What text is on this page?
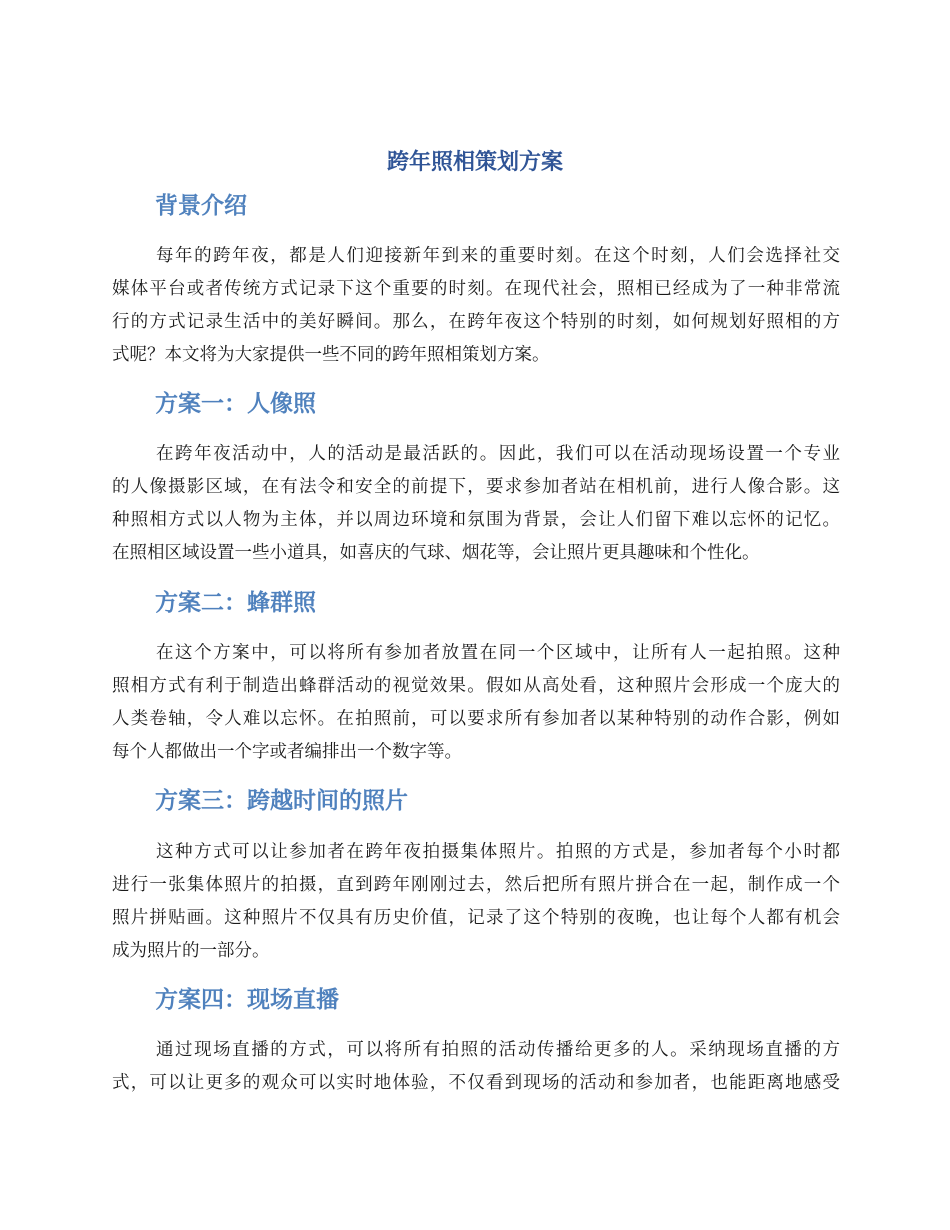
跨年照相策划方案
背景介绍
每年的跨年夜，都是人们迎接新年到来的重要时刻。在这个时刻，人们会选择社交
媒体平台或者传统方式记录下这个重要的时刻。在现代社会，照相已经成为了一种非常流
行的方式记录生活中的美好瞬间。那么，在跨年夜这个特别的时刻，如何规划好照相的方
式呢？本文将为大家提供一些不同的跨年照相策划方案。
方案一：人像照
在跨年夜活动中，人的活动是最活跃的。因此，我们可以在活动现场设置一个专业
的人像摄影区域，在有法令和安全的前提下，要求参加者站在相机前，进行人像合影。这
种照相方式以人物为主体，并以周边环境和氛围为背景，会让人们留下难以忘怀的记忆。
在照相区域设置一些小道具，如喜庆的气球、烟花等，会让照片更具趣味和个性化。
方案二：蜂群照
在这个方案中，可以将所有参加者放置在同一个区域中，让所有人一起拍照。这种
照相方式有利于制造出蜂群活动的视觉效果。假如从高处看，这种照片会形成一个庞大的
人类卷轴，令人难以忘怀。在拍照前，可以要求所有参加者以某种特别的动作合影，例如
每个人都做出一个字或者编排出一个数字等。
方案三：跨越时间的照片
这种方式可以让参加者在跨年夜拍摄集体照片。拍照的方式是，参加者每个小时都
进行一张集体照片的拍摄，直到跨年刚刚过去，然后把所有照片拼合在一起，制作成一个
照片拼贴画。这种照片不仅具有历史价值，记录了这个特别的夜晚，也让每个人都有机会
成为照片的一部分。
方案四：现场直播
通过现场直播的方式，可以将所有拍照的活动传播给更多的人。采纳现场直播的方
式，可以让更多的观众可以实时地体验，不仅看到现场的活动和参加者，也能距离地感受
